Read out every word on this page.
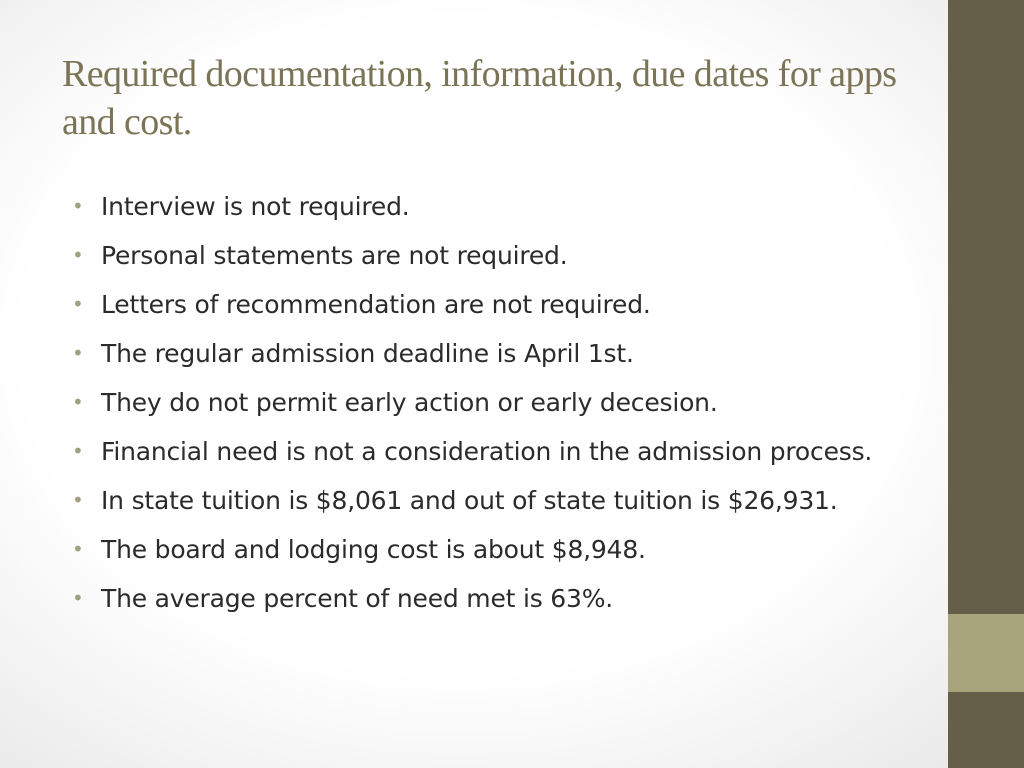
Required documentation, information, due dates for apps and cost.
• Interview is not required.
• Personal statements are not required.
• Letters of recommendation are not required.
• The regular admission deadline is April 1st.
• They do not permit early action or early decesion.
• Financial need is not a consideration in the admission process.
• In state tuition is $8,061 and out of state tuition is $26,931.
• The board and lodging cost is about $8,948.
• The average percent of need met is 63%.
